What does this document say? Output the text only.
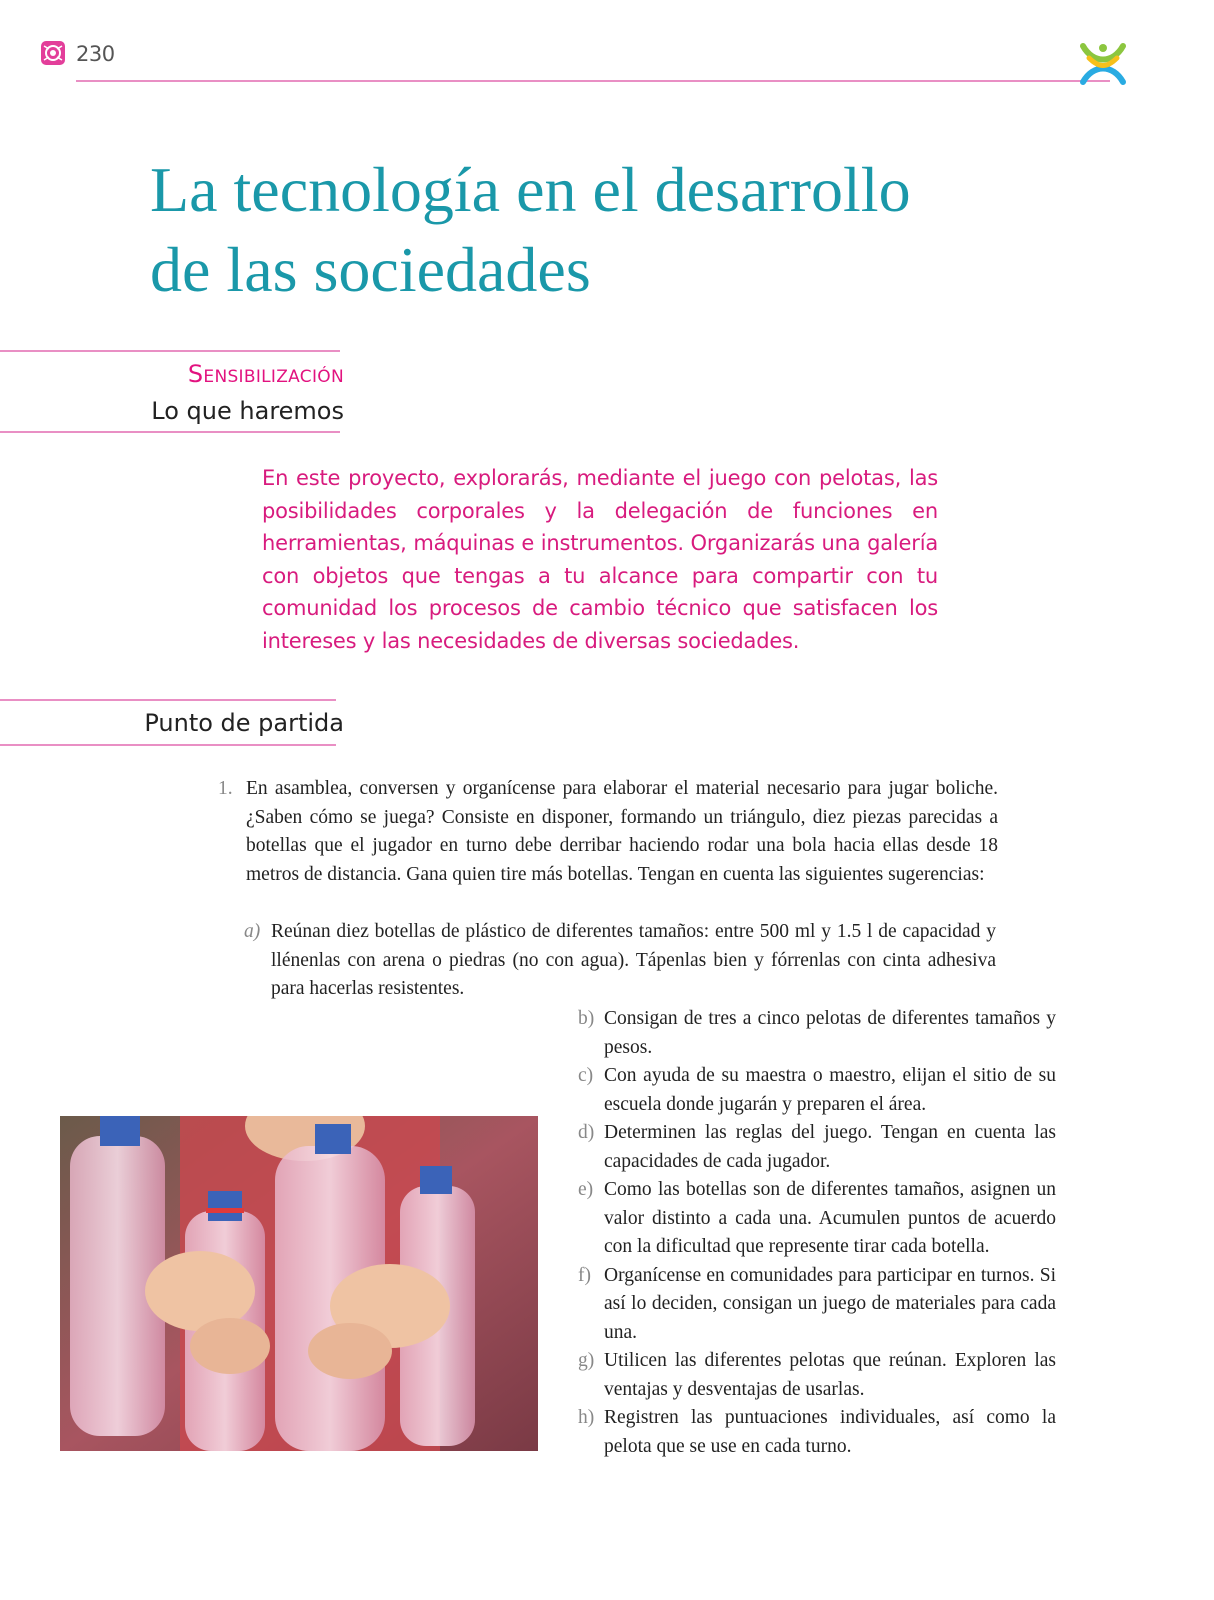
230
La tecnología en el desarrollo
de las sociedades
Sensibilización
Lo que haremos

En este proyecto, explorarás, mediante el juego con pelotas, las posibilidades corporales y la delegación de funciones en herramientas, máquinas e instrumentos. Organizarás una galería con objetos que tengas a tu alcance para compartir con tu comunidad los procesos de cambio técnico que satisfacen los intereses y las necesidades de diversas sociedades.

Punto de partida
1. En asamblea, conversen y organícense para elaborar el material necesario para jugar boliche. ¿Saben cómo se juega? Consiste en disponer, formando un triángulo, diez piezas parecidas a botellas que el jugador en turno debe derribar haciendo rodar una bola hacia ellas desde 18 metros de distancia. Gana quien tire más botellas. Tengan en cuenta las siguientes sugerencias:

a) Reúnan diez botellas de plástico de diferentes tamaños: entre 500 ml y 1.5 l de capacidad y llénenlas con arena o piedras (no con agua). Tápenlas bien y fórrenlas con cinta adhesiva para hacerlas resistentes.

b) Consigan de tres a cinco pelotas de diferentes tamaños y pesos.
c) Con ayuda de su maestra o maestro, elijan el sitio de su escuela donde jugarán y preparen el área.
d) Determinen las reglas del juego. Tengan en cuenta las capacidades de cada jugador.
e) Como las botellas son de diferentes tamaños, asignen un valor distinto a cada una. Acumulen puntos de acuerdo con la dificultad que represente tirar cada botella.
f) Organícense en comunidades para participar en turnos. Si así lo deciden, consigan un juego de materiales para cada una.
g) Utilicen las diferentes pelotas que reúnan. Exploren las ventajas y desventajas de usarlas.
h) Registren las puntuaciones individuales, así como la pelota que se use en cada turno.
